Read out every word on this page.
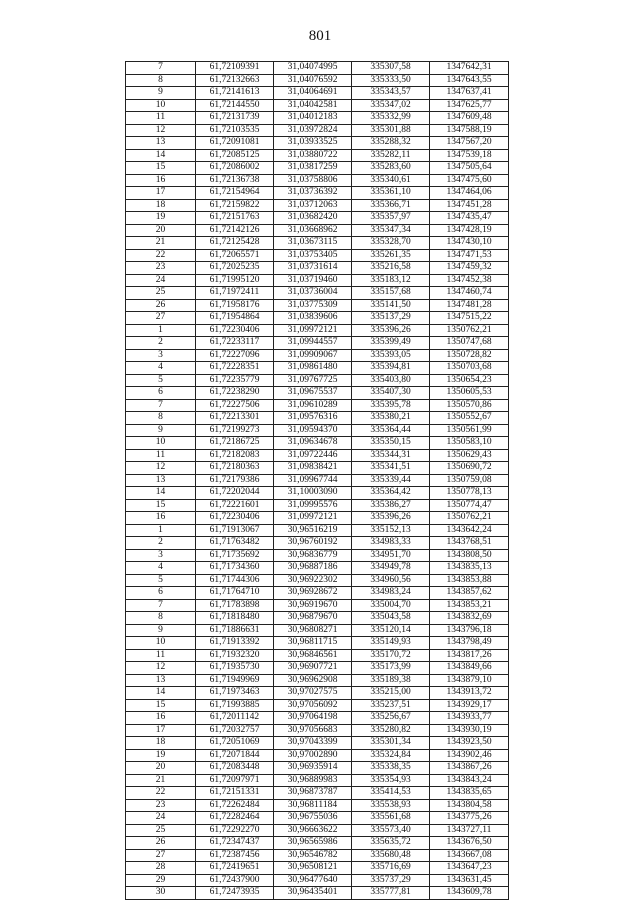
801
7	61,72109391	31,04074995	335307,58	1347642,31
8	61,72132663	31,04076592	335333,50	1347643,55
9	61,72141613	31,04064691	335343,57	1347637,41
10	61,72144550	31,04042581	335347,02	1347625,77
11	61,72131739	31,04012183	335332,99	1347609,48
12	61,72103535	31,03972824	335301,88	1347588,19
13	61,72091081	31,03933525	335288,32	1347567,20
14	61,72085125	31,03880722	335282,11	1347539,18
15	61,72086002	31,03817259	335283,60	1347505,64
16	61,72136738	31,03758806	335340,61	1347475,60
17	61,72154964	31,03736392	335361,10	1347464,06
18	61,72159822	31,03712063	335366,71	1347451,28
19	61,72151763	31,03682420	335357,97	1347435,47
20	61,72142126	31,03668962	335347,34	1347428,19
21	61,72125428	31,03673115	335328,70	1347430,10
22	61,72065571	31,03753405	335261,35	1347471,53
23	61,72025235	31,03731614	335216,58	1347459,32
24	61,71995120	31,03719460	335183,12	1347452,38
25	61,71972411	31,03736004	335157,68	1347460,74
26	61,71958176	31,03775309	335141,50	1347481,28
27	61,71954864	31,03839606	335137,29	1347515,22
1	61,72230406	31,09972121	335396,26	1350762,21
2	61,72233117	31,09944557	335399,49	1350747,68
3	61,72227096	31,09909067	335393,05	1350728,82
4	61,72228351	31,09861480	335394,81	1350703,68
5	61,72235779	31,09767725	335403,80	1350654,23
6	61,72238290	31,09675537	335407,30	1350605,53
7	61,72227506	31,09610289	335395,78	1350570,86
8	61,72213301	31,09576316	335380,21	1350552,67
9	61,72199273	31,09594370	335364,44	1350561,99
10	61,72186725	31,09634678	335350,15	1350583,10
11	61,72182083	31,09722446	335344,31	1350629,43
12	61,72180363	31,09838421	335341,51	1350690,72
13	61,72179386	31,09967744	335339,44	1350759,08
14	61,72202044	31,10003090	335364,42	1350778,13
15	61,72221601	31,09995576	335386,27	1350774,47
16	61,72230406	31,09972121	335396,26	1350762,21
1	61,71913067	30,96516219	335152,13	1343642,24
2	61,71763482	30,96760192	334983,33	1343768,51
3	61,71735692	30,96836779	334951,70	1343808,50
4	61,71734360	30,96887186	334949,78	1343835,13
5	61,71744306	30,96922302	334960,56	1343853,88
6	61,71764710	30,96928672	334983,24	1343857,62
7	61,71783898	30,96919670	335004,70	1343853,21
8	61,71818480	30,96879670	335043,58	1343832,69
9	61,71886631	30,96808271	335120,14	1343796,18
10	61,71913392	30,96811715	335149,93	1343798,49
11	61,71932320	30,96846561	335170,72	1343817,26
12	61,71935730	30,96907721	335173,99	1343849,66
13	61,71949969	30,96962908	335189,38	1343879,10
14	61,71973463	30,97027575	335215,00	1343913,72
15	61,71993885	30,97056092	335237,51	1343929,17
16	61,72011142	30,97064198	335256,67	1343933,77
17	61,72032757	30,97056683	335280,82	1343930,19
18	61,72051069	30,97043399	335301,34	1343923,50
19	61,72071844	30,97002890	335324,84	1343902,46
20	61,72083448	30,96935914	335338,35	1343867,26
21	61,72097971	30,96889983	335354,93	1343843,24
22	61,72151331	30,96873787	335414,53	1343835,65
23	61,72262484	30,96811184	335538,93	1343804,58
24	61,72282464	30,96755036	335561,68	1343775,26
25	61,72292270	30,96663622	335573,40	1343727,11
26	61,72347437	30,96565986	335635,72	1343676,50
27	61,72387456	30,96546782	335680,48	1343667,08
28	61,72419651	30,96508121	335716,69	1343647,23
29	61,72437900	30,96477640	335737,29	1343631,45
30	61,72473935	30,96435401	335777,81	1343609,78
